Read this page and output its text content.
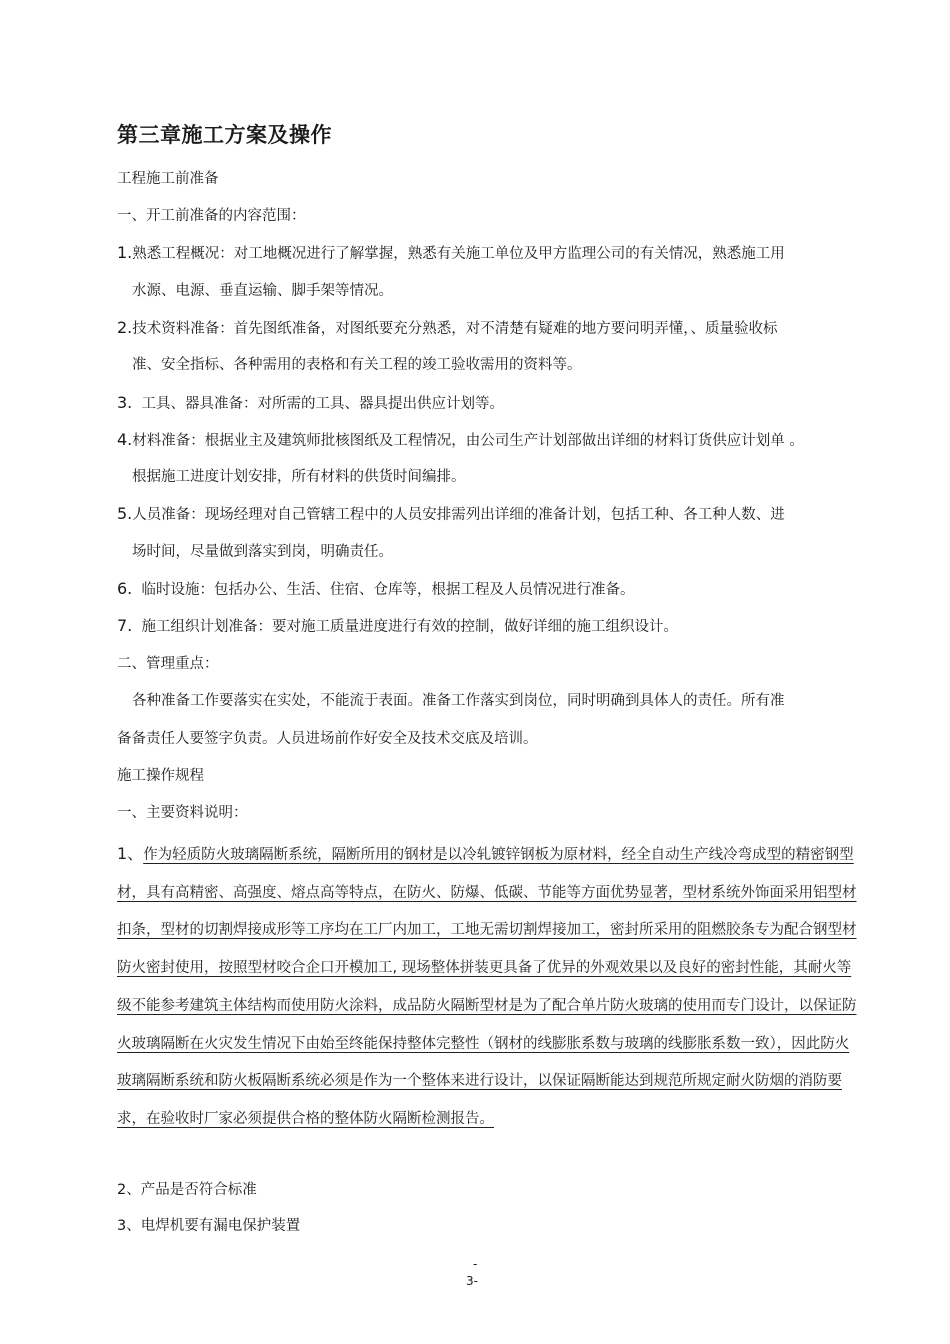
第三章施工方案及操作
工程施工前准备
一、开工前准备的内容范围：
1.熟悉工程概况：对工地概况进行了解掌握，熟悉有关施工单位及甲方监理公司的有关情况，熟悉施工用
水源、电源、垂直运输、脚手架等情况。
2.技术资料准备：首先图纸准备，对图纸要充分熟悉，对不清楚有疑难的地方要问明弄懂，、质量验收标
准、安全指标、各种需用的表格和有关工程的竣工验收需用的资料等。
3. 工具、器具准备：对所需的工具、器具提出供应计划等。
4.材料准备：根据业主及建筑师批核图纸及工程情况，由公司生产计划部做出详细的材料订货供应计划单 。
根据施工进度计划安排，所有材料的供货时间编排。
5.人员准备：现场经理对自己管辖工程中的人员安排需列出详细的准备计划，包括工种、各工种人数、进
场时间，尽量做到落实到岗，明确责任。
6. 临时设施：包括办公、生活、住宿、仓库等，根据工程及人员情况进行准备。
7. 施工组织计划准备：要对施工质量进度进行有效的控制，做好详细的施工组织设计。
二、管理重点：
各种准备工作要落实在实处，不能流于表面。准备工作落实到岗位，同时明确到具体人的责任。所有准
备备责任人要签字负责。人员进场前作好安全及技术交底及培训。
施工操作规程
一、主要资料说明：
1、作为轻质防火玻璃隔断系统，隔断所用的钢材是以冷轧镀锌钢板为原材料，经全自动生产线冷弯成型的精密钢型材，具有高精密、高强度、熔点高等特点，在防火、防爆、低碳、节能等方面优势显著，型材系统外饰面采用铝型材扣条，型材的切割焊接成形等工序均在工厂内加工，工地无需切割焊接加工，密封所采用的阻燃胶条专为配合钢型材防火密封使用，按照型材咬合企口开模加工, 现场整体拼装更具备了优异的外观效果以及良好的密封性能，其耐火等级不能参考建筑主体结构而使用防火涂料，成品防火隔断型材是为了配合单片防火玻璃的使用而专门设计，以保证防火玻璃隔断在火灾发生情况下由始至终能保持整体完整性（钢材的线膨胀系数与玻璃的线膨胀系数一致），因此防火玻璃隔断系统和防火板隔断系统必须是作为一个整体来进行设计，以保证隔断能达到规范所规定耐火防烟的消防要求，在验收时厂家必须提供合格的整体防火隔断检测报告。
2、产品是否符合标准
3、电焊机要有漏电保护装置
-
3-
